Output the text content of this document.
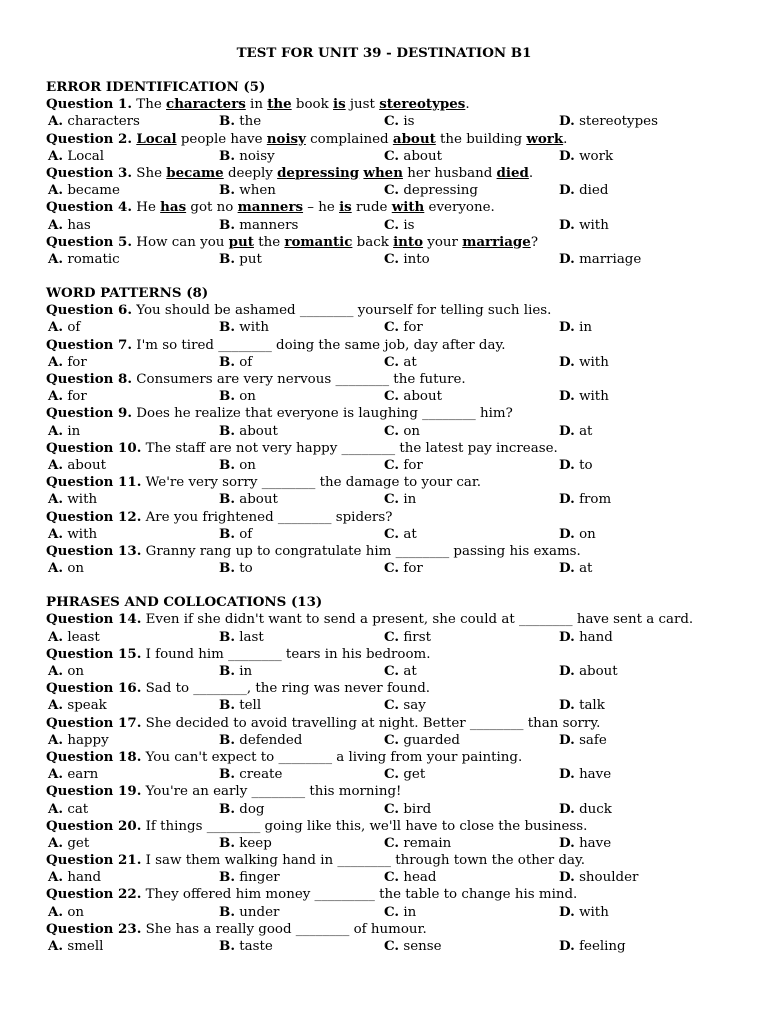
TEST FOR UNIT 39 - DESTINATION B1
ERROR IDENTIFICATION (5)
Question 1. The characters in the book is just stereotypes.
A. characters	B. the	C. is	D. stereotypes
Question 2. Local people have noisy complained about the building work.
A. Local	B. noisy	C. about	D. work
Question 3. She became deeply depressing when her husband died.
A. became	B. when	C. depressing	D. died
Question 4. He has got no manners – he is rude with everyone.
A. has	B. manners	C. is	D. with
Question 5. How can you put the romantic back into your marriage?
A. romatic	B. put	C. into	D. marriage
WORD PATTERNS (8)
Question 6. You should be ashamed ________ yourself for telling such lies.
A. of	B. with	C. for	D. in
Question 7. I'm so tired ________ doing the same job, day after day.
A. for	B. of	C. at	D. with
Question 8. Consumers are very nervous ________ the future.
A. for	B. on	C. about	D. with
Question 9. Does he realize that everyone is laughing ________ him?
A. in	B. about	C. on	D. at
Question 10. The staff are not very happy ________ the latest pay increase.
A. about	B. on	C. for	D. to
Question 11. We're very sorry ________ the damage to your car.
A. with	B. about	C. in	D. from
Question 12. Are you frightened ________ spiders?
A. with	B. of	C. at	D. on
Question 13. Granny rang up to congratulate him ________ passing his exams.
A. on	B. to	C. for	D. at
PHRASES AND COLLOCATIONS (13)
Question 14. Even if she didn't want to send a present, she could at ________ have sent a card.
A. least	B. last	C. first	D. hand
Question 15. I found him ________ tears in his bedroom.
A. on	B. in	C. at	D. about
Question 16. Sad to ________, the ring was never found.
A. speak	B. tell	C. say	D. talk
Question 17. She decided to avoid travelling at night. Better ________ than sorry.
A. happy	B. defended	C. guarded	D. safe
Question 18. You can't expect to ________ a living from your painting.
A. earn	B. create	C. get	D. have
Question 19. You're an early ________ this morning!
A. cat	B. dog	C. bird	D. duck
Question 20. If things ________ going like this, we'll have to close the business.
A. get	B. keep	C. remain	D. have
Question 21. I saw them walking hand in ________ through town the other day.
A. hand	B. finger	C. head	D. shoulder
Question 22. They offered him money _________ the table to change his mind.
A. on	B. under	C. in	D. with
Question 23. She has a really good ________ of humour.
A. smell	B. taste	C. sense	D. feeling
